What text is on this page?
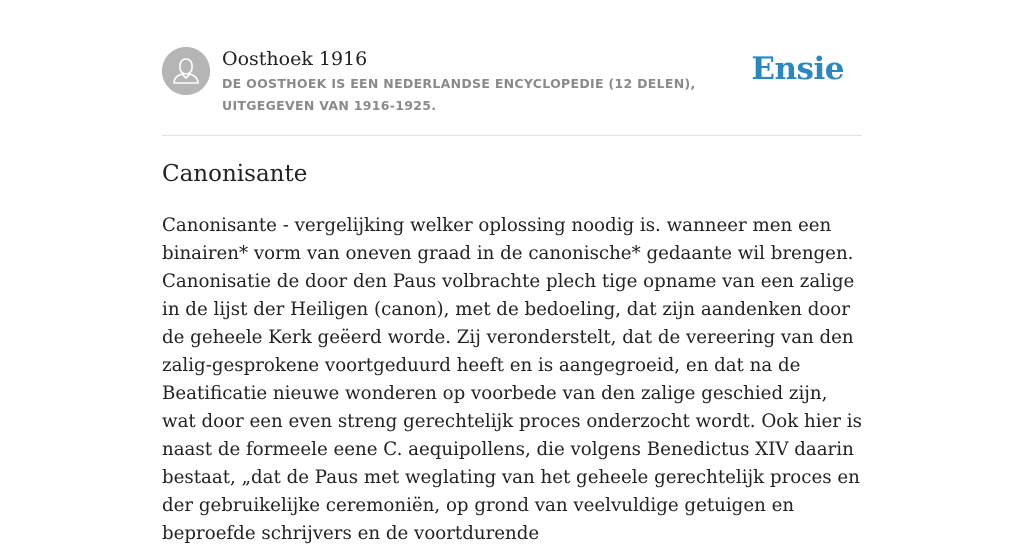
Oosthoek 1916
DE OOSTHOEK IS EEN NEDERLANDSE ENCYCLOPEDIE (12 DELEN), UITGEGEVEN VAN 1916-1925.
Ensie
Canonisante

Canonisante - vergelijking welker oplossing noodig is. wanneer men een binairen* vorm van oneven graad in de canonische* gedaante wil brengen. Canonisatie de door den Paus volbrachte plech tige opname van een zalige in de lijst der Heiligen (canon), met de bedoeling, dat zijn aandenken door de geheele Kerk geëerd worde. Zij veronderstelt, dat de vereering van den zalig-gesprokene voortgeduurd heeft en is aangegroeid, en dat na de Beatificatie nieuwe wonderen op voorbede van den zalige geschied zijn, wat door een even streng gerechtelijk proces onderzocht wordt. Ook hier is naast de formeele eene C. aequipollens, die volgens Benedictus XIV daarin bestaat, „dat de Paus met weglating van het geheele gerechtelijk proces en der gebruikelijke ceremoniën, op grond van veelvuldige getuigen en beproefde schrijvers en de voortdurende
